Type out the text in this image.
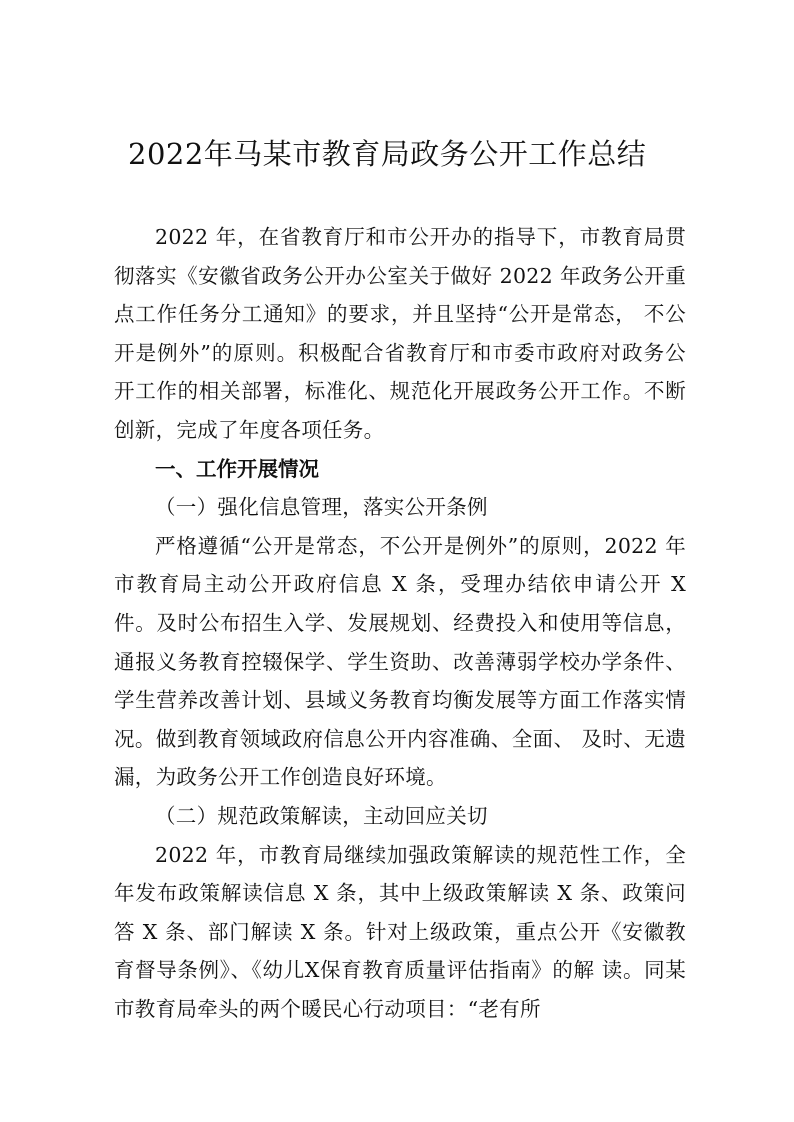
2022年马某市教育局政务公开工作总结

2022 年，在省教育厅和市公开办的指导下，市教育局贯彻落实《安徽省政务公开办公室关于做好 2022 年政务公开重点工作任务分工通知》的要求，并且坚持“公开是常态， 不公开是例外”的原则。积极配合省教育厅和市委市政府对政务公开工作的相关部署，标准化、规范化开展政务公开工作。不断创新，完成了年度各项任务。

一、工作开展情况

（一）强化信息管理，落实公开条例

严格遵循“公开是常态，不公开是例外”的原则，2022 年市教育局主动公开政府信息 X 条，受理办结依申请公开 X 件。及时公布招生入学、发展规划、经费投入和使用等信息，通报义务教育控辍保学、学生资助、改善薄弱学校办学条件、学生营养改善计划、县域义务教育均衡发展等方面工作落实情况。做到教育领域政府信息公开内容准确、全面、 及时、无遗漏，为政务公开工作创造良好环境。

（二）规范政策解读，主动回应关切

2022 年，市教育局继续加强政策解读的规范性工作，全年发布政策解读信息 X 条，其中上级政策解读 X 条、政策问答 X 条、部门解读 X 条。针对上级政策，重点公开《安徽教育督导条例》、《幼儿X保育教育质量评估指南》的解 读。同某市教育局牵头的两个暖民心行动项目：“老有所
